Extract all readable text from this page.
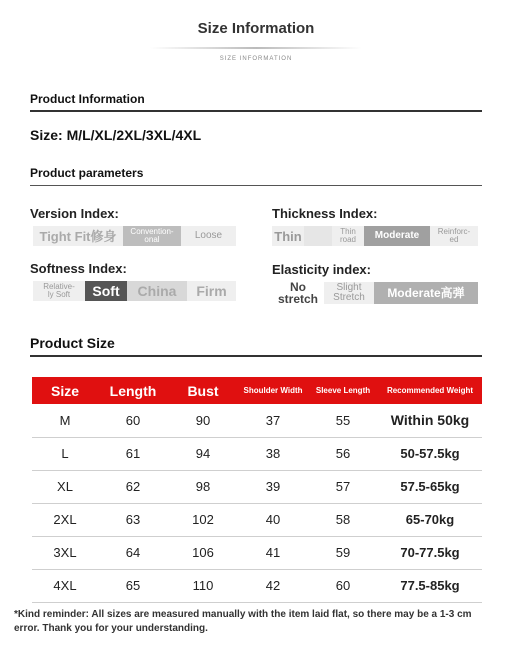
Size Information
SIZE INFORMATION
Product Information
Size: M/L/XL/2XL/3XL/4XL
Product parameters
Version Index:
Tight Fit修身	Convention-
onal	Loose
Thickness Index:
Thin	Thin
road	Moderate	Reinforc-
ed
Softness Index:
Relative-
ly Soft	Soft	China	Firm
Elasticity index:
No
stretch
Slight
Stretch	Moderate高弹
Product Size
Size	Length	Bust	Shoulder Width	Sleeve Length	Recommended Weight
M	60	90	37	55	Within 50kg
L	61	94	38	56	50-57.5kg
XL	62	98	39	57	57.5-65kg
2XL	63	102	40	58	65-70kg
3XL	64	106	41	59	70-77.5kg
4XL	65	110	42	60	77.5-85kg
*Kind reminder: All sizes are measured manually with the item laid flat, so there may be a 1-3 cm error. Thank you for your understanding.
